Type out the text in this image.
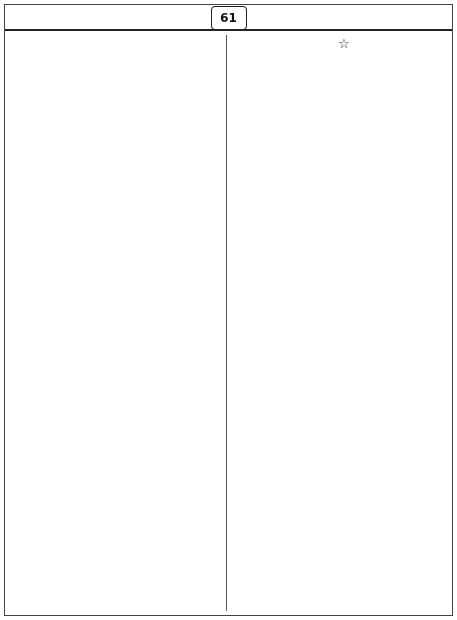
61

☆
